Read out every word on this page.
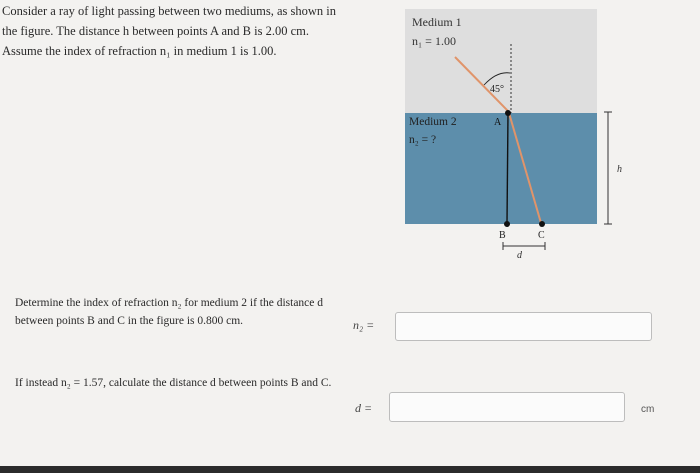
Consider a ray of light passing between two mediums, as shown in the figure. The distance h between points A and B is 2.00 cm. Assume the index of refraction n₁ in medium 1 is 1.00.

Medium 1
n₁ = 1.00
Medium 2
n₂ = ?
45°
A
B	C
d
h

Determine the index of refraction n₂ for medium 2 if the distance d between points B and C in the figure is 0.800 cm.	n₂ =

If instead n₂ = 1.57, calculate the distance d between points B and C.

d =	cm
